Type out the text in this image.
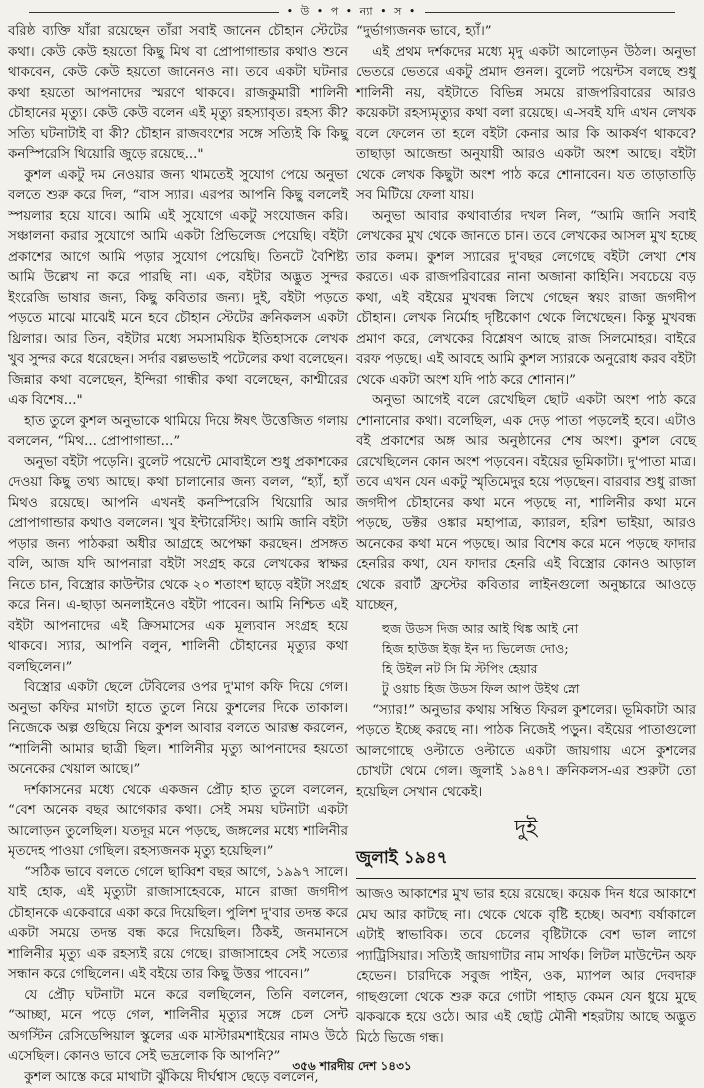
• উ • প • ন্যা • স •

বরিষ্ঠ ব্যক্তি যাঁরা রয়েছেন তাঁরা সবাই জানেন চৌহান স্টেটের কথা। কেউ কেউ হয়তো কিছু মিথ বা প্রোপাগান্ডার কথাও শুনে থাকবেন, কেউ কেউ হয়তো জানেনও না। তবে একটা ঘটনার কথা হয়তো আপনাদের স্মরণে থাকবে। রাজকুমারী শালিনী চৌহানের মৃত্যু। কেউ কেউ বলেন এই মৃত্যু রহস্যাবৃত। রহস্য কী? সত্যি ঘটনাটাই বা কী? চৌহান রাজবংশের সঙ্গে সত্যিই কি কিছু কনস্পিরেসি থিয়োরি জুড়ে রয়েছে..."

কুশল একটু দম নেওয়ার জন্য থামতেই সুযোগ পেয়ে অনুভা বলতে শুরু করে দিল, “বাস স্যার। এরপর আপনি কিছু বললেই স্পয়লার হয়ে যাবে। আমি এই সুযোগে একটু সংযোজন করি। সঞ্চালনা করার সুযোগে আমি একটা প্রিভিলেজ পেয়েছি। বইটা প্রকাশের আগে আমি পড়ার সুযোগ পেয়েছি। তিনটে বৈশিষ্ট্য আমি উল্লেখ না করে পারছি না। এক, বইটার অদ্ভুত সুন্দর ইংরেজি ভাষার জন্য, কিছু কবিতার জন্য। দুই, বইটা পড়তে পড়তে মাঝে মাঝেই মনে হবে চৌহান স্টেটের ক্রনিকলস একটা থ্রিলার। আর তিন, বইটার মধ্যে সমসাময়িক ইতিহাসকে লেখক খুব সুন্দর করে ধরেছেন। সর্দার বল্লভভাই পটেলের কথা বলেছেন। জিন্নার কথা বলেছেন, ইন্দিরা গান্ধীর কথা বলেছেন, কাশ্মীরের এক বিশেষ..."

হাত তুলে কুশল অনুভাকে থামিয়ে দিয়ে ঈষৎ উত্তেজিত গলায় বললেন, “মিথ... প্রোপাগান্ডা...”

অনুভা বইটা পড়েনি। বুলেট পয়েন্টে মোবাইলে শুধু প্রকাশকের দেওয়া কিছু তথ্য আছে। কথা চালানোর জন্য বলল, “হ্যাঁ, হ্যাঁ মিথও রয়েছে। আপনি এখনই কনস্পিরেসি থিয়োরি আর প্রোপাগান্ডার কথাও বললেন। খুব ইন্টারেস্টিং। আমি জানি বইটা পড়ার জন্য পাঠকরা অধীর আগ্রহে অপেক্ষা করছেন। প্রসঙ্গত বলি, আজ যদি আপনারা বইটা সংগ্রহ করে লেখকের স্বাক্ষর নিতে চান, বিস্ত্রোর কাউন্টার থেকে ২০ শতাংশ ছাড়ে বইটা সংগ্রহ করে নিন। এ-ছাড়া অনলাইনেও বইটা পাবেন। আমি নিশ্চিত এই বইটা আপনাদের এই ক্রিসমাসের এক মূল্যবান সংগ্রহ হয়ে থাকবে। স্যার, আপনি বলুন, শালিনী চৌহানের মৃত্যুর কথা বলছিলেন।”

বিস্ত্রোর একটা ছেলে টেবিলের ওপর দু'মাগ কফি দিয়ে গেল। অনুভা কফির মাগটা হাতে তুলে নিয়ে কুশলের দিকে তাকাল। নিজেকে অল্প গুছিয়ে নিয়ে কুশল আবার বলতে আরম্ভ করলেন, “শালিনী আমার ছাত্রী ছিল। শালিনীর মৃত্যু আপনাদের হয়তো অনেকের খেয়াল আছে।”

দর্শকাসনের মধ্যে থেকে একজন প্রৌঢ় হাত তুলে বললেন, “বেশ অনেক বছর আগেকার কথা। সেই সময় ঘটনাটা একটা আলোড়ন তুলেছিল। যতদূর মনে পড়ছে, জঙ্গলের মধ্যে শালিনীর মৃতদেহ পাওয়া গেছিল। রহস্যজনক মৃত্যু হয়েছিল।”

“সঠিক ভাবে বলতে গেলে ছাব্বিশ বছর আগে, ১৯৯৭ সালে। যাই হোক, এই মৃত্যুটা রাজাসাহেবকে, মানে রাজা জগদীপ চৌহানকে একেবারে একা করে দিয়েছিল। পুলিশ দু'বার তদন্ত করে একটা সময়ে তদন্ত বন্ধ করে দিয়েছিল। ঠিকই, জনমানসে শালিনীর মৃত্যু এক রহস্যই রয়ে গেছে। রাজাসাহেব সেই সত্যের সন্ধান করে গেছিলেন। এই বইয়ে তার কিছু উত্তর পাবেন।”

যে প্রৌঢ় ঘটনাটা মনে করে বলছিলেন, তিনি বললেন, “আচ্ছা, মনে পড়ে গেল, শালিনীর মৃত্যুর সঙ্গে চেল সেন্ট অগস্টিন রেসিডেন্সিয়াল স্কুলের এক মাস্টারমশাইয়ের নামও উঠে এসেছিল। কোনও ভাবে সেই ভদ্রলোক কি আপনি?”

কুশল আস্তে করে মাথাটা ঝুঁকিয়ে দীর্ঘশ্বাস ছেড়ে বললেন,

“দুর্ভাগ্যজনক ভাবে, হ্যাঁ।”

এই প্রথম দর্শকদের মধ্যে মৃদু একটা আলোড়ন উঠল। অনুভা ভেতরে ভেতরে একটু প্রমাদ গুনল। বুলেট পয়েন্টস বলছে শুধু শালিনী নয়, বইটাতে বিভিন্ন সময়ে রাজপরিবারের আরও কয়েকটা রহস্যমৃত্যুর কথা বলা রয়েছে। এ-সবই যদি এখন লেখক বলে ফেলেন তা হলে বইটা কেনার আর কি আকর্ষণ থাকবে? তাছাড়া আজেন্ডা অনুযায়ী আরও একটা অংশ আছে। বইটা থেকে লেখক কিছুটা অংশ পাঠ করে শোনাবেন। যত তাড়াতাড়ি সব মিটিয়ে ফেলা যায়।

অনুভা আবার কথাবার্তার দখল নিল, “আমি জানি সবাই লেখকের মুখ থেকে জানতে চান। তবে লেখকের আসল মুখ হচ্ছে তার কলম। কুশল স্যারের দু'বছর লেগেছে বইটা লেখা শেষ করতে। এক রাজপরিবারের নানা অজানা কাহিনি। সবচেয়ে বড় কথা, এই বইয়ের মুখবন্ধ লিখে গেছেন স্বয়ং রাজা জগদীপ চৌহান। লেখক নির্মোহ দৃষ্টিকোণ থেকে লিখেছেন। কিন্তু মুখবন্ধ প্রমাণ করে, লেখকের বিশ্লেষণ আছে রাজ সিলমোহর। বাইরে বরফ পড়ছে। এই আবহে আমি কুশল স্যারকে অনুরোধ করব বইটা থেকে একটা অংশ যদি পাঠ করে শোনান।”

অনুভা আগেই বলে রেখেছিল ছোট একটা অংশ পাঠ করে শোনানোর কথা। বলেছিল, এক দেড় পাতা পড়লেই হবে। এটাও বই প্রকাশের অঙ্গ আর অনুষ্ঠানের শেষ অংশ। কুশল বেছে রেখেছিলেন কোন অংশ পড়বেন। বইয়ের ভূমিকাটা। দু'পাতা মাত্র। তবে এখন যেন একটু স্মৃতিমেদুর হয়ে পড়ছেন। বারবার শুধু রাজা জগদীপ চৌহানের কথা মনে পড়ছে না, শালিনীর কথা মনে পড়ছে, ডক্টর ওঙ্কার মহাপাত্র, ক্যারল, হরিশ ভাইয়া, আরও অনেকের কথা মনে পড়ছে। আর বিশেষ করে মনে পড়ছে ফাদার হেনরির কথা, যেন ফাদার হেনরি এই বিস্ত্রোর কোনও আড়াল থেকে রবার্ট ফ্রস্টের কবিতার লাইনগুলো অনুচ্চারে আওড়ে যাচ্ছেন,

হুজ উডস দিজ আর আই থিঙ্ক আই নো
হিজ হাউজ ইজ় ইন দ্য ভিলেজ দোও;
হি উইল নট সি মি স্টপিং হেয়ার
টু ওয়াচ হিজ উডস ফিল আপ উইথ স্নো

“স্যার!” অনুভার কথায় সম্বিত ফিরল কুশলের। ভূমিকাটা আর পড়তে ইচ্ছে করছে না। পাঠক নিজেই পড়ুন। বইয়ের পাতাগুলো আলগোছে ওল্টাতে ওল্টাতে একটা জায়গায় এসে কুশলের চোখটা থেমে গেল। জুলাই ১৯৪৭। ক্রনিকলস-এর শুরুটা তো হয়েছিল সেখান থেকেই।

দুই
জুলাই ১৯৪৭

আজও আকাশের মুখ ভার হয়ে রয়েছে। কয়েক দিন ধরে আকাশে মেঘ আর কাটছে না। থেকে থেকে বৃষ্টি হচ্ছে। অবশ্য বর্ষাকালে এটাই স্বাভাবিক। তবে চেলের বৃষ্টিটাকে বেশ ভাল লাগে প্যাট্রিসিয়ার। সত্যিই জায়গাটার নাম সার্থক। লিটল মাউন্টেন অফ হেভেন। চারদিকে সবুজ পাইন, ওক, ম্যাপল আর দেবদারু গাছগুলো থেকে শুরু করে গোটা পাহাড় কেমন যেন ধুয়ে মুছে ঝকঝকে হয়ে ওঠে। আর এই ছোট্ট মৌনী শহরটায় আছে অদ্ভুত মিঠে ভিজে গন্ধ।

৩৫৬ শারদীয় দেশ ১৪৩১
